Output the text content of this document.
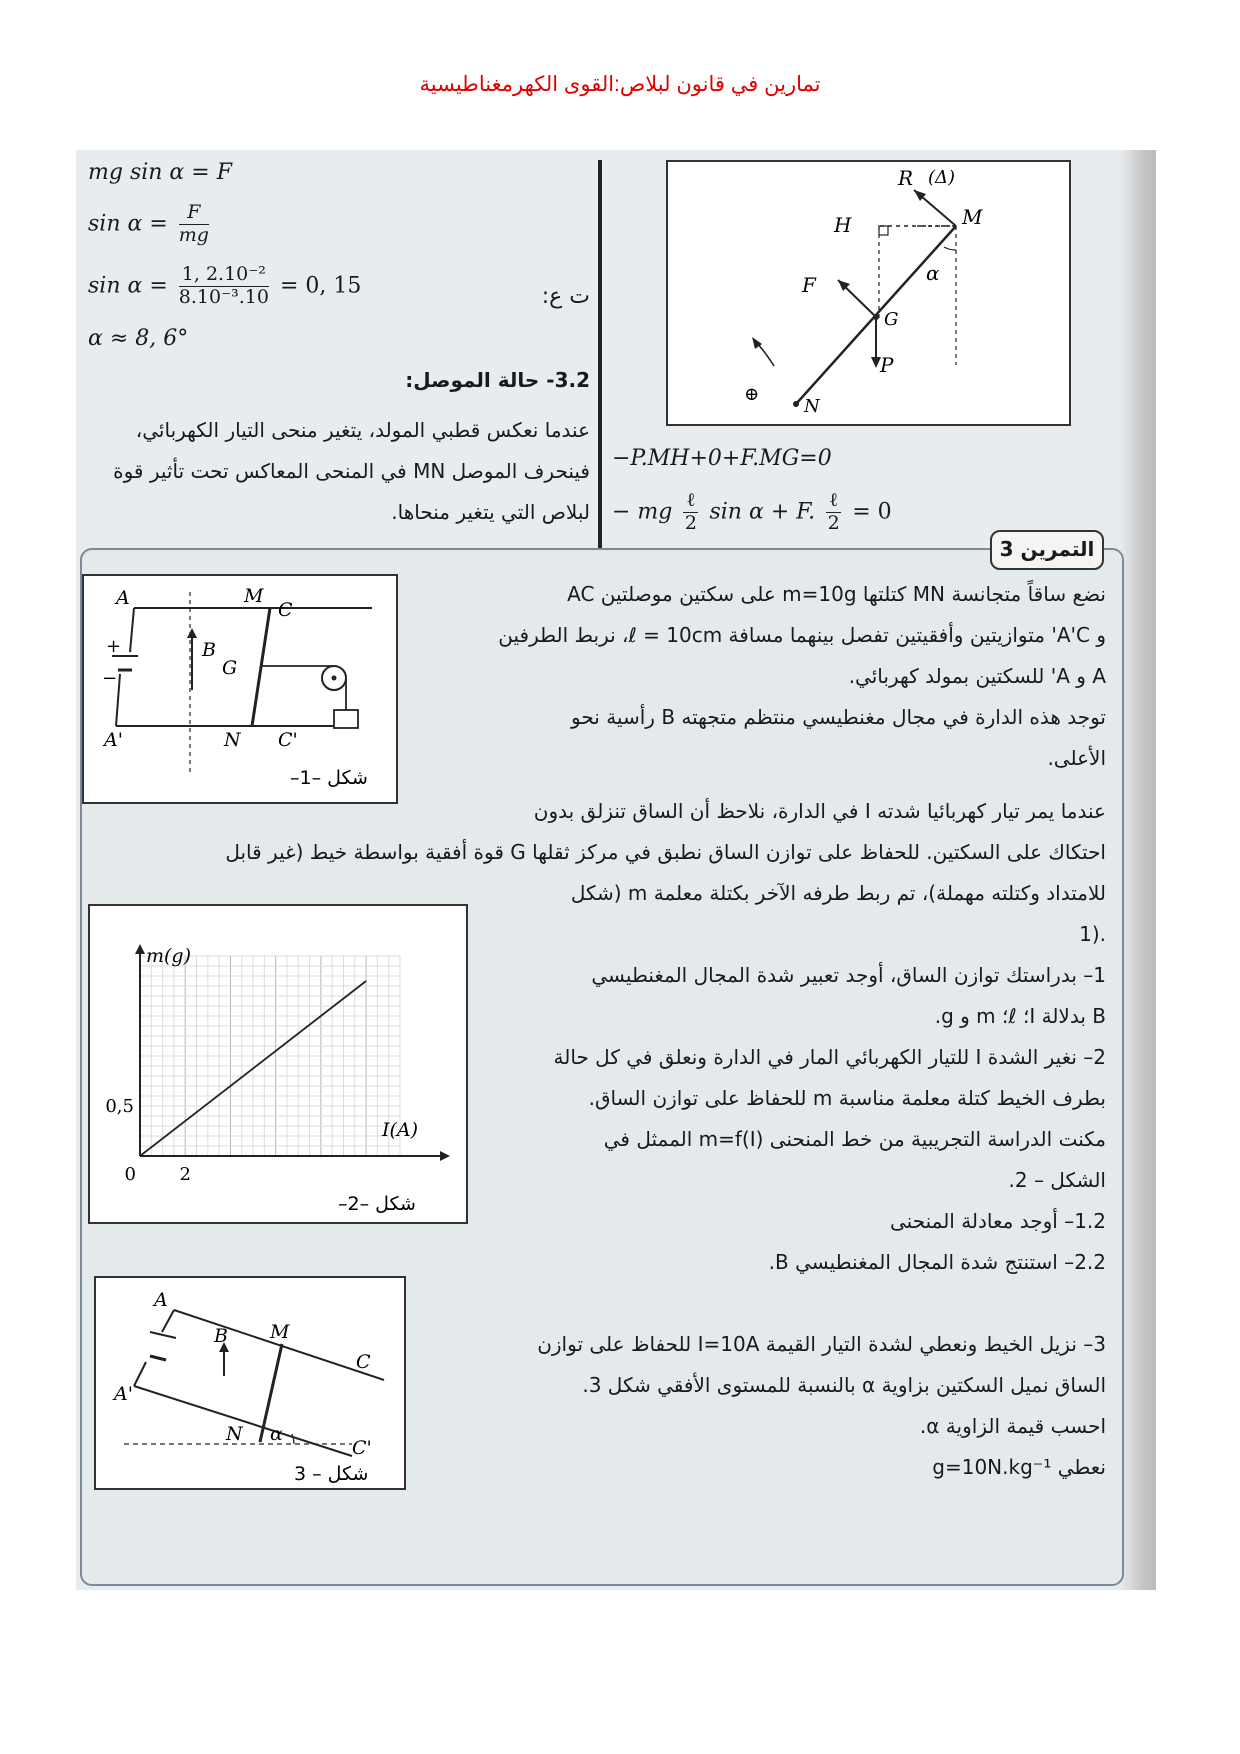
تمارين في قانون لبلاص:القوى الكهرمغناطيسية
mg sin α = F
$\sin \alpha = \frac{F}{mg}$
$\sin \alpha = \frac{\text{1, 2.10⁻²}}{\text{8.10⁻³.10}} = 0$, 15	ت ع:
α ≈ 8, 6°
3.2- حالة الموصل:
عندما نعكس قطبي المولد، يتغير منحى التيار الكهربائي، فينحرف الموصل MN في المنحى المعاكس تحت تأثير قوة لبلاص التي يتغير منحاها.
R (Δ)
M
H
α
F
G
P
N
⊕
−P.MH+0+F.MG=0
− mg $\frac{\text{ℓ}}{2}$ sin α + F. $\frac{\text{ℓ}}{2} = 0$
التمرين 3
A	M
C
B
G
A'	N C'
+
−
شكل –1–
m(g)
I(A)
0,5
2
0
شكل –2–
A
B M
C
A'
N α
C'
شكل – 3
نضع ساقاً متجانسة MN كتلتها m=10g على سكتين موصلتين AC
و A'C' متوازيتين وأفقيتين تفصل بينهما مسافة ℓ = 10cm، نربط الطرفين
A و A' للسكتين بمولد كهربائي.
توجد هذه الدارة في مجال مغنطيسي منتظم متجهته B رأسية نحو
الأعلى.
عندما يمر تيار كهربائيا شدته I في الدارة، نلاحظ أن الساق تنزلق بدون
احتكاك على السكتين. للحفاظ على توازن الساق نطبق في مركز ثقلها G قوة أفقية بواسطة خيط (غير قابل
للامتداد وكتلته مهملة)، تم ربط طرفه الآخر بكتلة معلمة m (شكل
.(1
1– بدراستك توازن الساق، أوجد تعبير شدة المجال المغنطيسي
B بدلالة I؛ ℓ؛ m و g.
2– نغير الشدة I للتيار الكهربائي المار في الدارة ونعلق في كل حالة
بطرف الخيط كتلة معلمة مناسبة m للحفاظ على توازن الساق.
مكنت الدراسة التجريبية من خط المنحنى m=f(I) الممثل في
الشكل – 2.
1.2– أوجد معادلة المنحنى
2.2– استنتج شدة المجال المغنطيسي B.
3– نزيل الخيط ونعطي لشدة التيار القيمة I=10A للحفاظ على توازن
الساق نميل السكتين بزاوية α بالنسبة للمستوى الأفقي شكل 3.
احسب قيمة الزاوية α.
نعطي g=10N.kg⁻¹
